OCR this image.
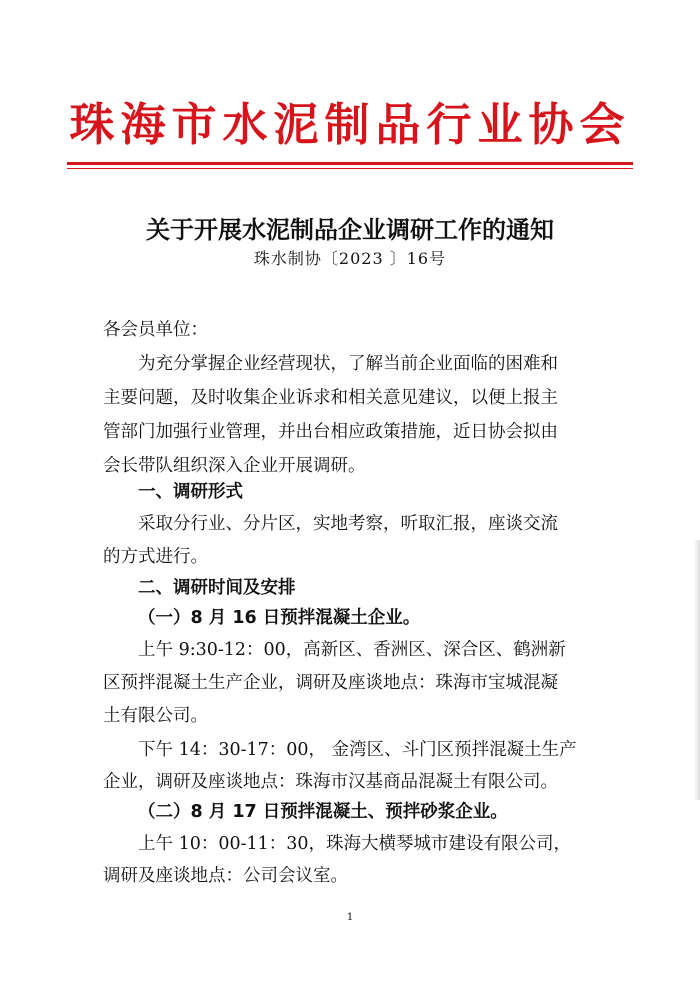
珠海市水泥制品行业协会
关于开展水泥制品企业调研工作的通知
珠水制协〔2023 〕16号
各会员单位：
为充分掌握企业经营现状，了解当前企业面临的困难和
主要问题，及时收集企业诉求和相关意见建议，以便上报主
管部门加强行业管理，并出台相应政策措施，近日协会拟由
会长带队组织深入企业开展调研。
一、调研形式
采取分行业、分片区，实地考察，听取汇报，座谈交流
的方式进行。
二、调研时间及安排
（一）8 月 16 日预拌混凝土企业。
上午 9:30-12：00，高新区、香洲区、深合区、鹤洲新
区预拌混凝土生产企业，调研及座谈地点：珠海市宝城混凝
土有限公司。
下午 14：30-17：00， 金湾区、斗门区预拌混凝土生产
企业，调研及座谈地点：珠海市汉基商品混凝土有限公司。
（二）8 月 17 日预拌混凝土、预拌砂浆企业。
上午 10：00-11：30，珠海大横琴城市建设有限公司，
调研及座谈地点：公司会议室。
1
